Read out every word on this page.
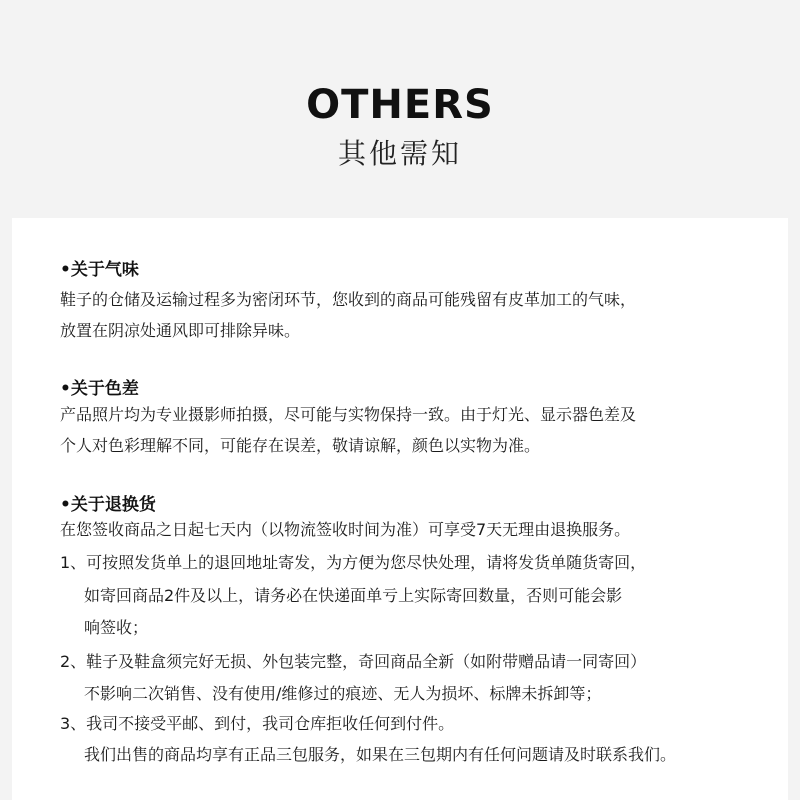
OTHERS
其他需知
•关于气味
鞋子的仓储及运输过程多为密闭环节，您收到的商品可能残留有皮革加工的气味，
放置在阴凉处通风即可排除异味。
•关于色差
产品照片均为专业摄影师拍摄，尽可能与实物保持一致。由于灯光、显示器色差及
个人对色彩理解不同，可能存在误差，敬请谅解，颜色以实物为准。
•关于退换货
在您签收商品之日起七天内（以物流签收时间为准）可享受7天无理由退换服务。
1、可按照发货单上的退回地址寄发，为方便为您尽快处理，请将发货单随货寄回，
如寄回商品2件及以上，请务必在快递面单亏上实际寄回数量，否则可能会影
响签收；
2、鞋子及鞋盒须完好无损、外包装完整，奇回商品全新（如附带赠品请一同寄回）
不影响二次销售、没有使用/维修过的痕迹、无人为损坏、标牌未拆卸等；
3、我司不接受平邮、到付，我司仓库拒收任何到付件。
我们出售的商品均享有正品三包服务，如果在三包期内有任何问题请及时联系我们。
